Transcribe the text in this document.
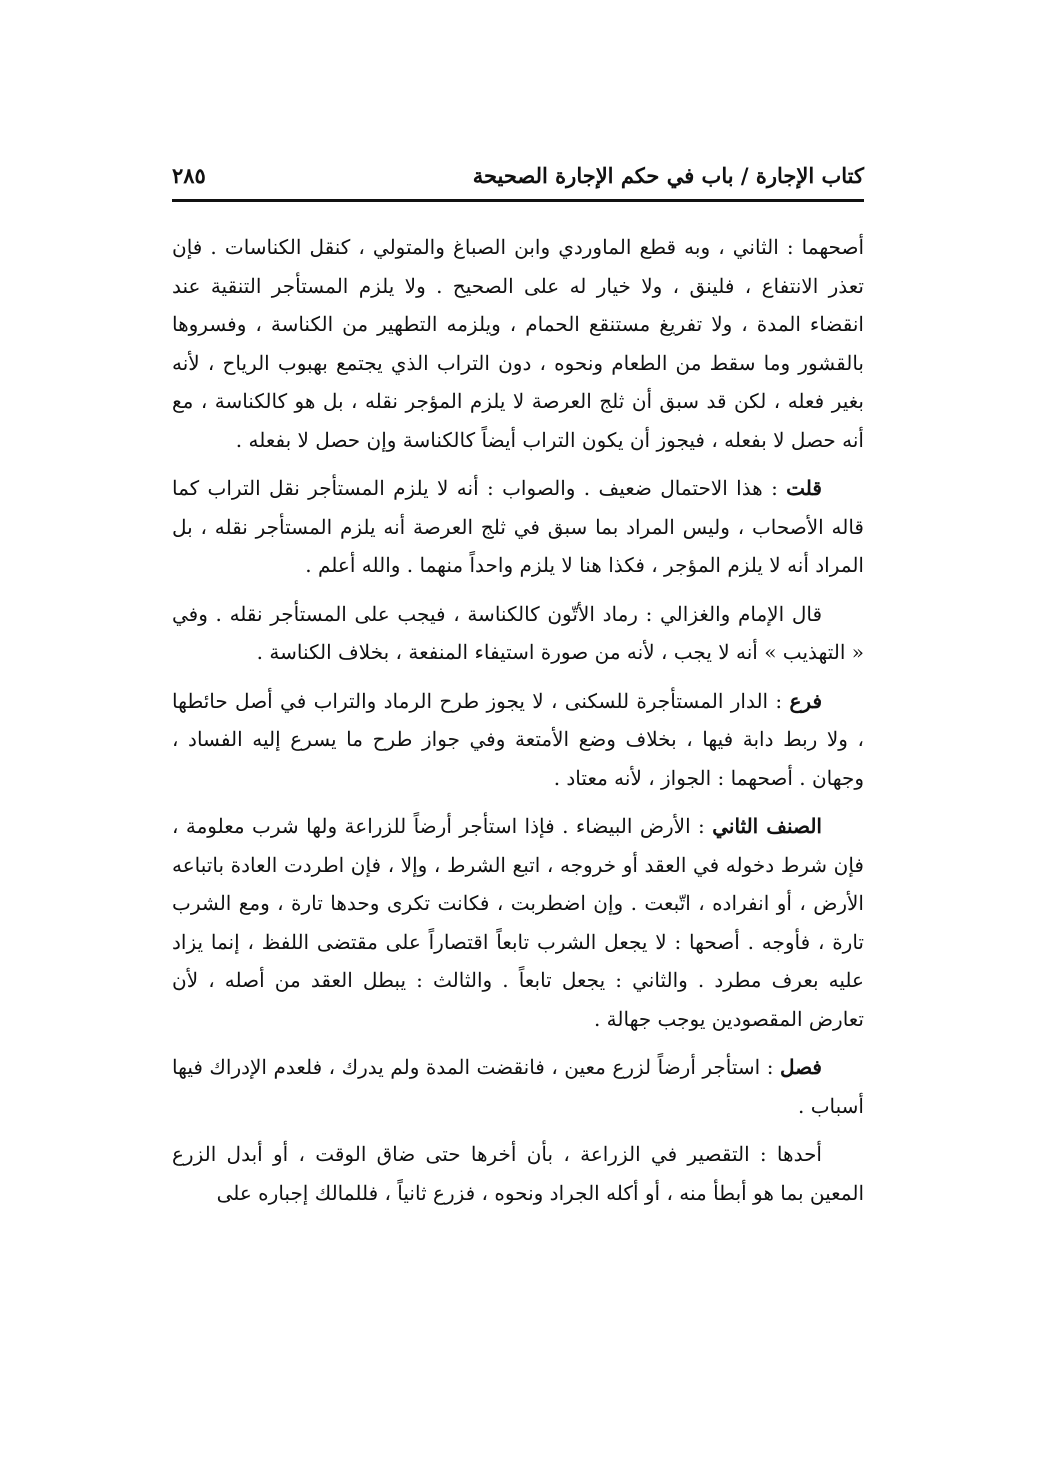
كتاب الإجارة / باب في حكم الإجارة الصحيحة
٢٨٥

أصحهما : الثاني ، وبه قطع الماوردي وابن الصباغ والمتولي ، كنقل الكناسات . فإن تعذر الانتفاع ، فلينق ، ولا خيار له على الصحيح . ولا يلزم المستأجر التنقية عند انقضاء المدة ، ولا تفريغ مستنقع الحمام ، ويلزمه التطهير من الكناسة ، وفسروها بالقشور وما سقط من الطعام ونحوه ، دون التراب الذي يجتمع بهبوب الرياح ، لأنه بغير فعله ، لكن قد سبق أن ثلج العرصة لا يلزم المؤجر نقله ، بل هو كالكناسة ، مع أنه حصل لا بفعله ، فيجوز أن يكون التراب أيضاً كالكناسة وإن حصل لا بفعله .

قلت : هذا الاحتمال ضعيف . والصواب : أنه لا يلزم المستأجر نقل التراب كما قاله الأصحاب ، وليس المراد بما سبق في ثلج العرصة أنه يلزم المستأجر نقله ، بل المراد أنه لا يلزم المؤجر ، فكذا هنا لا يلزم واحداً منهما . والله أعلم .

قال الإمام والغزالي : رماد الأتّون كالكناسة ، فيجب على المستأجر نقله . وفي « التهذيب » أنه لا يجب ، لأنه من صورة استيفاء المنفعة ، بخلاف الكناسة .

فرع : الدار المستأجرة للسكنى ، لا يجوز طرح الرماد والتراب في أصل حائطها ، ولا ربط دابة فيها ، بخلاف وضع الأمتعة وفي جواز طرح ما يسرع إليه الفساد ، وجهان . أصحهما : الجواز ، لأنه معتاد .

الصنف الثاني : الأرض البيضاء . فإذا استأجر أرضاً للزراعة ولها شرب معلومة ، فإن شرط دخوله في العقد أو خروجه ، اتبع الشرط ، وإلا ، فإن اطردت العادة باتباعه الأرض ، أو انفراده ، اتّبعت . وإن اضطربت ، فكانت تكرى وحدها تارة ، ومع الشرب تارة ، فأوجه . أصحها : لا يجعل الشرب تابعاً اقتصاراً على مقتضى اللفظ ، إنما يزاد عليه بعرف مطرد . والثاني : يجعل تابعاً . والثالث : يبطل العقد من أصله ، لأن تعارض المقصودين يوجب جهالة .

فصل : استأجر أرضاً لزرع معين ، فانقضت المدة ولم يدرك ، فلعدم الإدراك فيها أسباب .

أحدها : التقصير في الزراعة ، بأن أخرها حتى ضاق الوقت ، أو أبدل الزرع المعين بما هو أبطأ منه ، أو أكله الجراد ونحوه ، فزرع ثانياً ، فللمالك إجباره على
